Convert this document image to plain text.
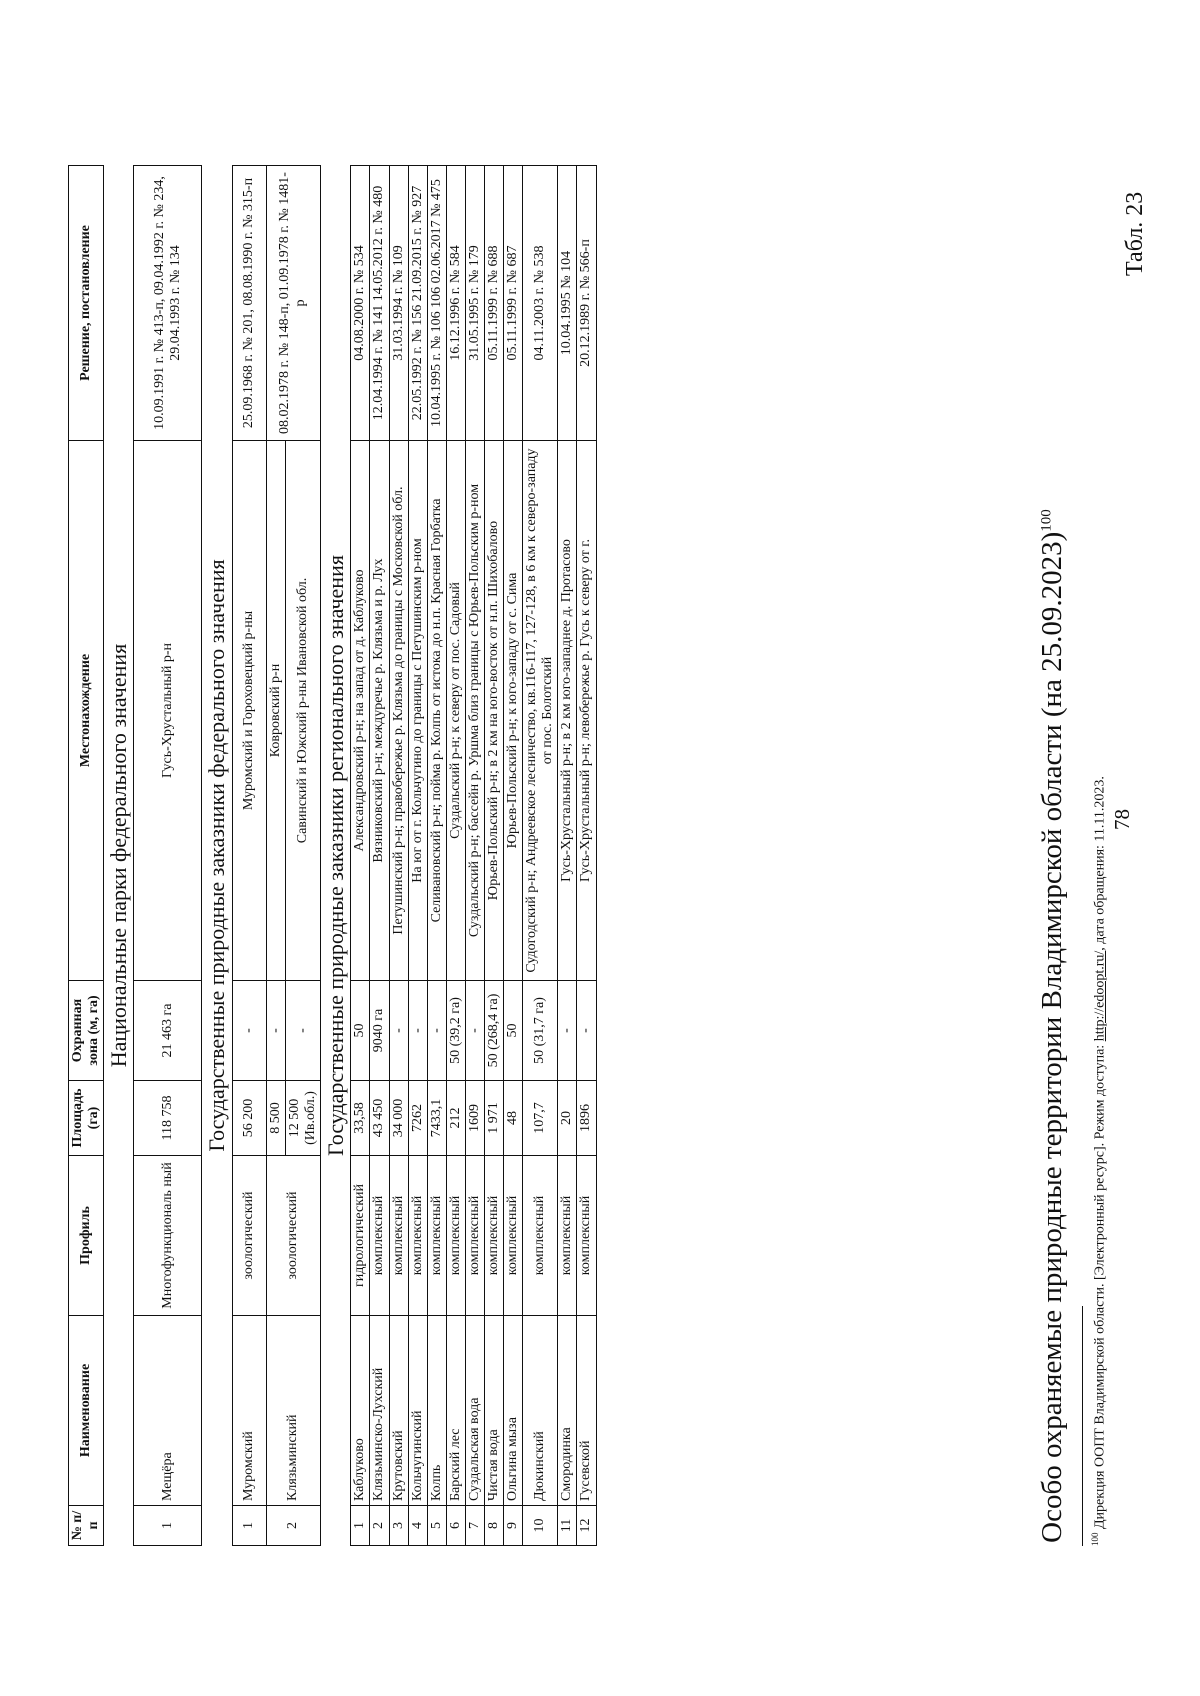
78
Табл. 23
Особо охраняемые природные территории Владимирской области (на 25.09.2023)$^{100}$
№ п/п	Наименование	Профиль	Площадь (га)	Охранная зона (м, га)	Местонахождение	Решение, постановление
Национальные парки федерального значения						
1	Мещёра	Многофункциональ ный	118 758	21 463 га	Гусь-Хрустальный р-н	10.09.1991 г. № 413-п, 09.04.1992 г. № 234, 29.04.1993 г. № 134
Государственные природные заказники федерального значения						
1	Муромский	зоологический	56 200	-	Муромский и Гороховецкий р-ны	25.09.1968 г. № 201, 08.08.1990 г. № 315-п
2	Клязьминский	зоологический	8 500	-	Ковровский р-н	08.02.1978 г. № 148-п, 01.09.1978 г. № 1481-р
			12 500 (Ив.обл.)	-	Савинский и Южский р-ны Ивановской обл.	
Государственные природные заказники регионального значения						
1	Каблуково	гидрологический	33,58	50	Александровский р-н; на запад от д. Каблуково	04.08.2000 г. № 534
2	Клязьминско-Лухский	комплексный	43 450	9040 га	Вязниковский р-н; междуречье р. Клязьма и р. Лух	12.04.1994 г. № 141 14.05.2012 г. № 480
3	Крутовский	комплексный	34 000	-	Петушинский р-н; правобережье р. Клязьма до границы с Московской обл.	31.03.1994 г. № 109
4	Кольчугинский	комплексный	7262	-	На юг от г. Кольчугино до границы с Петушинским р-ном	22.05.1992 г. № 156 21.09.2015 г. № 927
5	Колпь	комплексный	7433,1	-	Селивановский р-н; пойма р. Колпь от истока до н.п. Красная Горбатка	10.04.1995 г. № 106 106 02.06.2017 № 475
6	Барский лес	комплексный	212	50 (39,2 га)	Суздальский р-н; к северу от пос. Садовый	16.12.1996 г. № 584
7	Суздальская вода	комплексный	1609	-	Суздальский р-н; бассейн р. Уршма близ границы с Юрьев-Польским р-ном	31.05.1995 г. № 179
8	Чистая вода	комплексный	1 971	50 (268,4 га)	Юрьев-Польский р-н; в 2 км на юго-восток от н.п. Шихобалово	05.11.1999 г. № 688
9	Ольгина мыза	комплексный	48	50	Юрьев-Польский р-н; к юго-западу от с. Сима	05.11.1999 г. № 687
10	Дюкинский	комплексный	107,7	50 (31,7 га)	Судогодский р-н; Андреевское лесничество, кв.116-117, 127-128, в 6 км к северо-западу от пос. Болотский	04.11.2003 г. № 538
11	Смородинка	комплексный	20	-	Гусь-Хрустальный р-н; в 2 км юго-западнее д. Протасово	10.04.1995 № 104
12	Гусевской	комплексный	1896	-	Гусь-Хрустальный р-н; левобережье р. Гусь к северу от г.	20.12.1989 г. № 566-п
$^{100}$ Дирекция ООПТ Владимирской области. [Электронный ресурс]. Режим доступа: http://edoopt.ru/, дата обращения: 11.11.2023.
